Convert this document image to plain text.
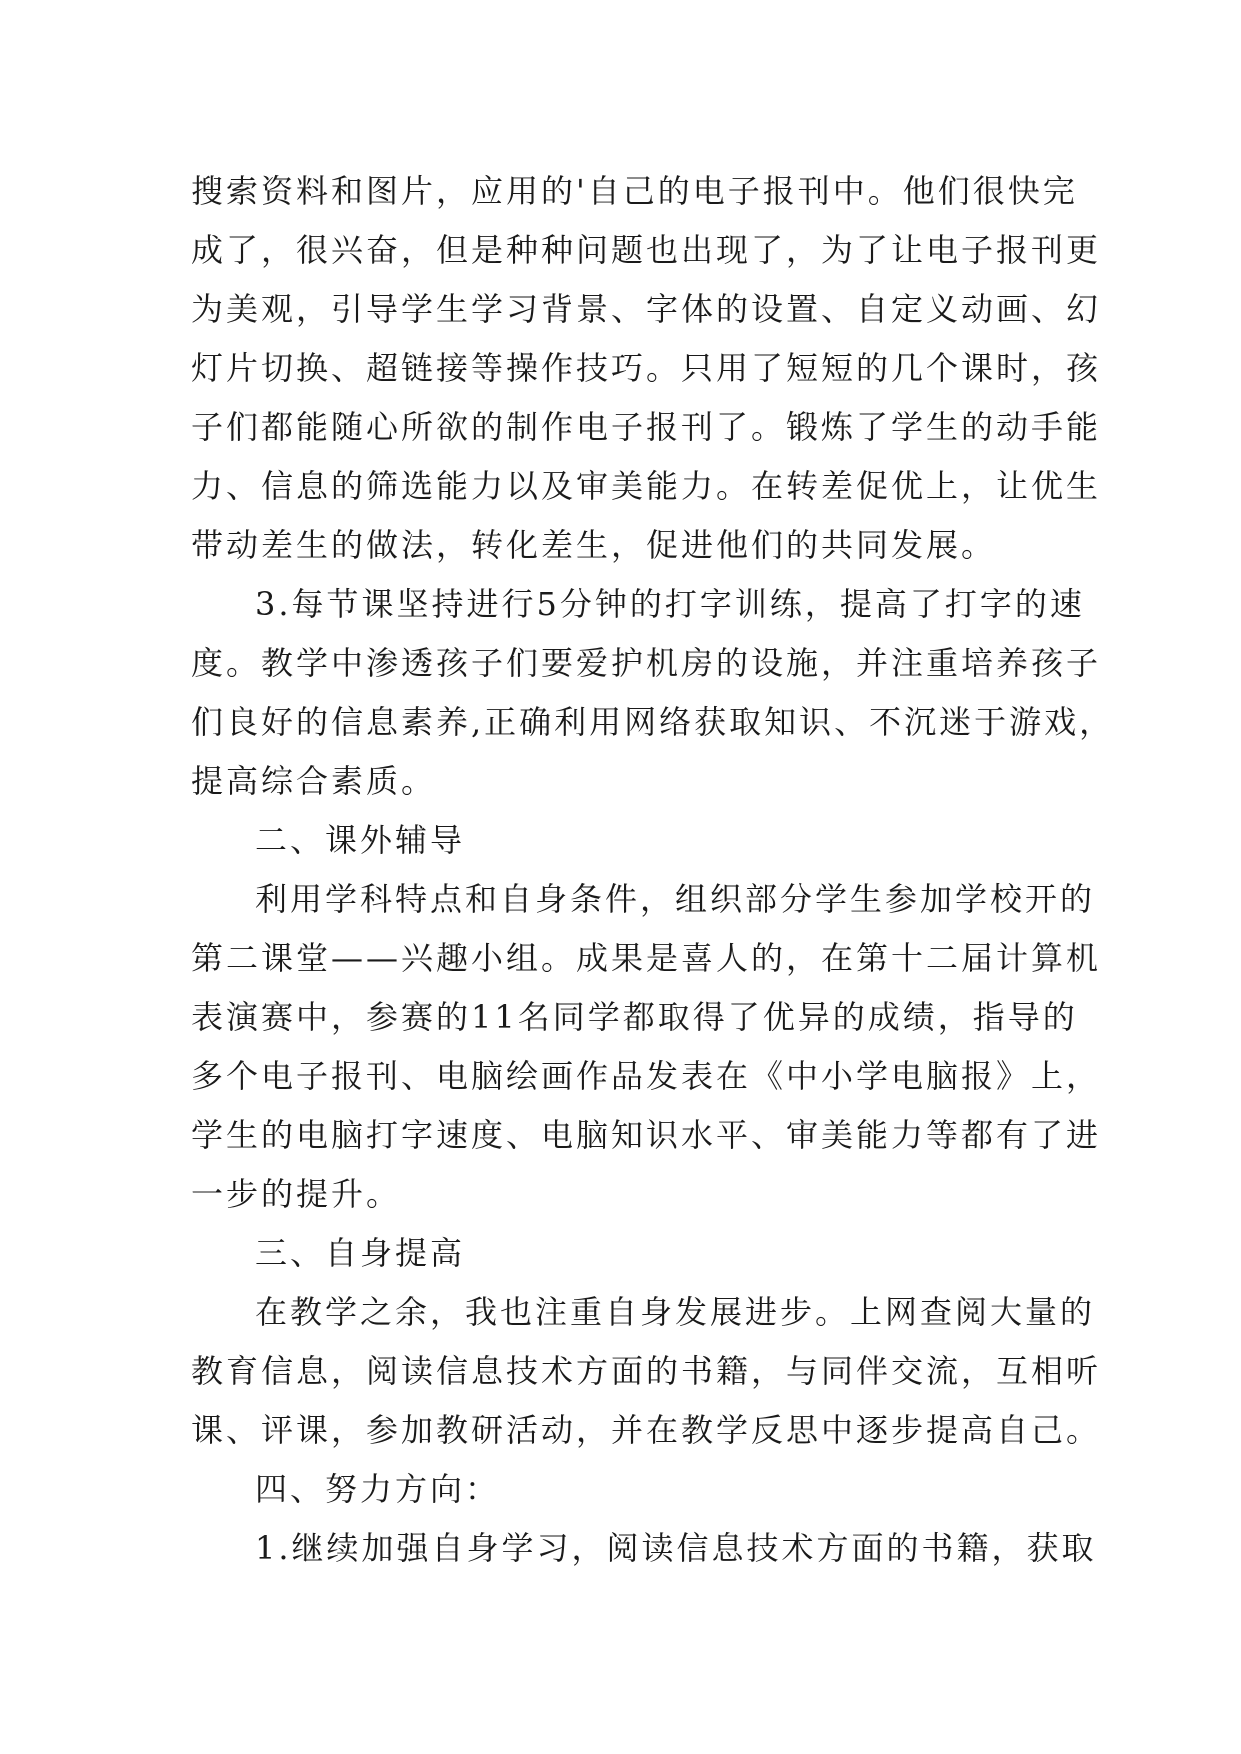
搜索资料和图片，应用的'自己的电子报刊中。他们很快完
成了，很兴奋，但是种种问题也出现了，为了让电子报刊更
为美观，引导学生学习背景、字体的设置、自定义动画、幻
灯片切换、超链接等操作技巧。只用了短短的几个课时，孩
子们都能随心所欲的制作电子报刊了。锻炼了学生的动手能
力、信息的筛选能力以及审美能力。在转差促优上，让优生
带动差生的做法，转化差生，促进他们的共同发展。
3.每节课坚持进行5分钟的打字训练，提高了打字的速
度。教学中渗透孩子们要爱护机房的设施，并注重培养孩子
们良好的信息素养,正确利用网络获取知识、不沉迷于游戏，
提高综合素质。
二、课外辅导
利用学科特点和自身条件，组织部分学生参加学校开的
第二课堂——兴趣小组。成果是喜人的，在第十二届计算机
表演赛中，参赛的11名同学都取得了优异的成绩，指导的
多个电子报刊、电脑绘画作品发表在《中小学电脑报》上，
学生的电脑打字速度、电脑知识水平、审美能力等都有了进
一步的提升。
三、自身提高
在教学之余，我也注重自身发展进步。上网查阅大量的
教育信息，阅读信息技术方面的书籍，与同伴交流，互相听
课、评课，参加教研活动，并在教学反思中逐步提高自己。
四、努力方向：
1.继续加强自身学习，阅读信息技术方面的书籍，获取
